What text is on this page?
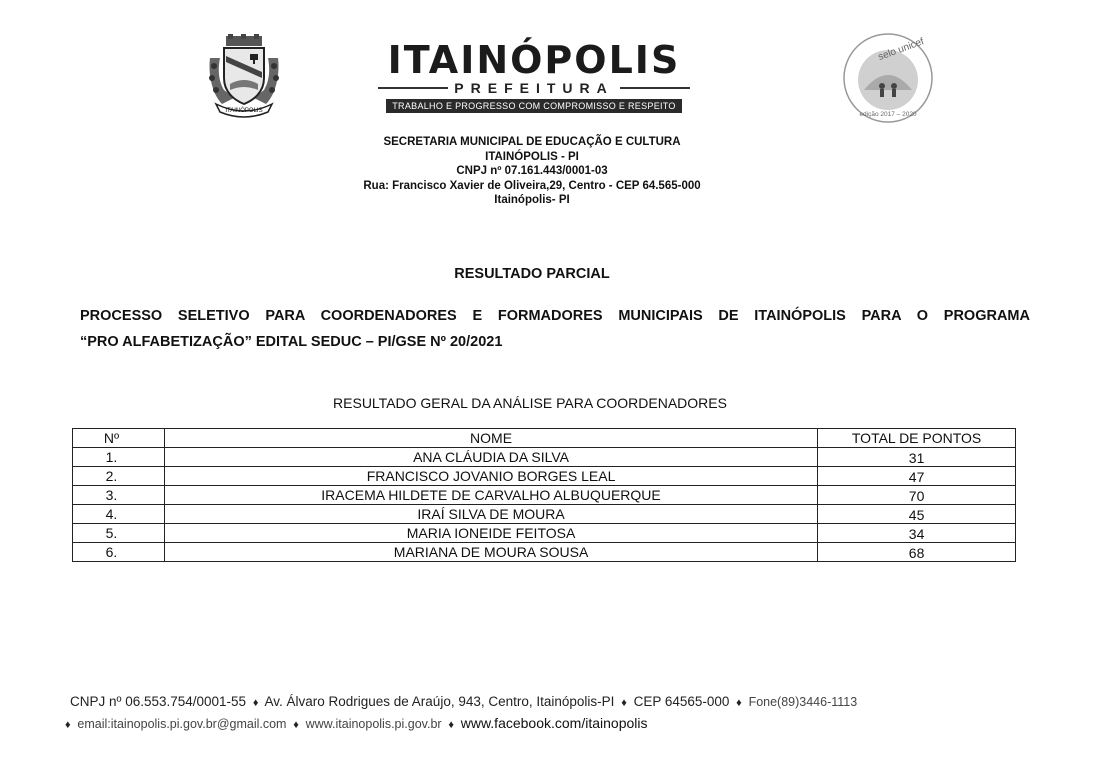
ITAINÓPOLIS
ITAINÓPOLIS
PREFEITURA
TRABALHO E PROGRESSO COM COMPROMISSO E RESPEITO
selo unicef
edição 2017 – 2020
SECRETARIA MUNICIPAL DE EDUCAÇÃO E CULTURA
ITAINÓPOLIS - PI
CNPJ nº 07.161.443/0001-03
Rua: Francisco Xavier de Oliveira,29, Centro - CEP 64.565-000
Itainópolis- PI
RESULTADO PARCIAL
PROCESSO SELETIVO PARA COORDENADORES E FORMADORES MUNICIPAIS DE ITAINÓPOLIS PARA O PROGRAMA
“PRO ALFABETIZAÇÃO” EDITAL SEDUC – PI/GSE Nº 20/2021
RESULTADO GERAL DA ANÁLISE PARA COORDENADORES
Nº	NOME	TOTAL DE PONTOS
1.	ANA CLÁUDIA DA SILVA	31
2.	FRANCISCO JOVANIO BORGES LEAL	47
3.	IRACEMA HILDETE DE CARVALHO ALBUQUERQUE	70
4.	IRAÍ SILVA DE MOURA	45
5.	MARIA IONEIDE FEITOSA	34
6.	MARIANA DE MOURA SOUSA	68
CNPJ nº 06.553.754/0001-55 ♦ Av. Álvaro Rodrigues de Araújo, 943, Centro, Itainópolis-PI ♦ CEP 64565-000 ♦ Fone(89)3446-1113
♦ email:itainopolis.pi.gov.br@gmail.com ♦ www.itainopolis.pi.gov.br ♦ www.facebook.com/itainopolis
